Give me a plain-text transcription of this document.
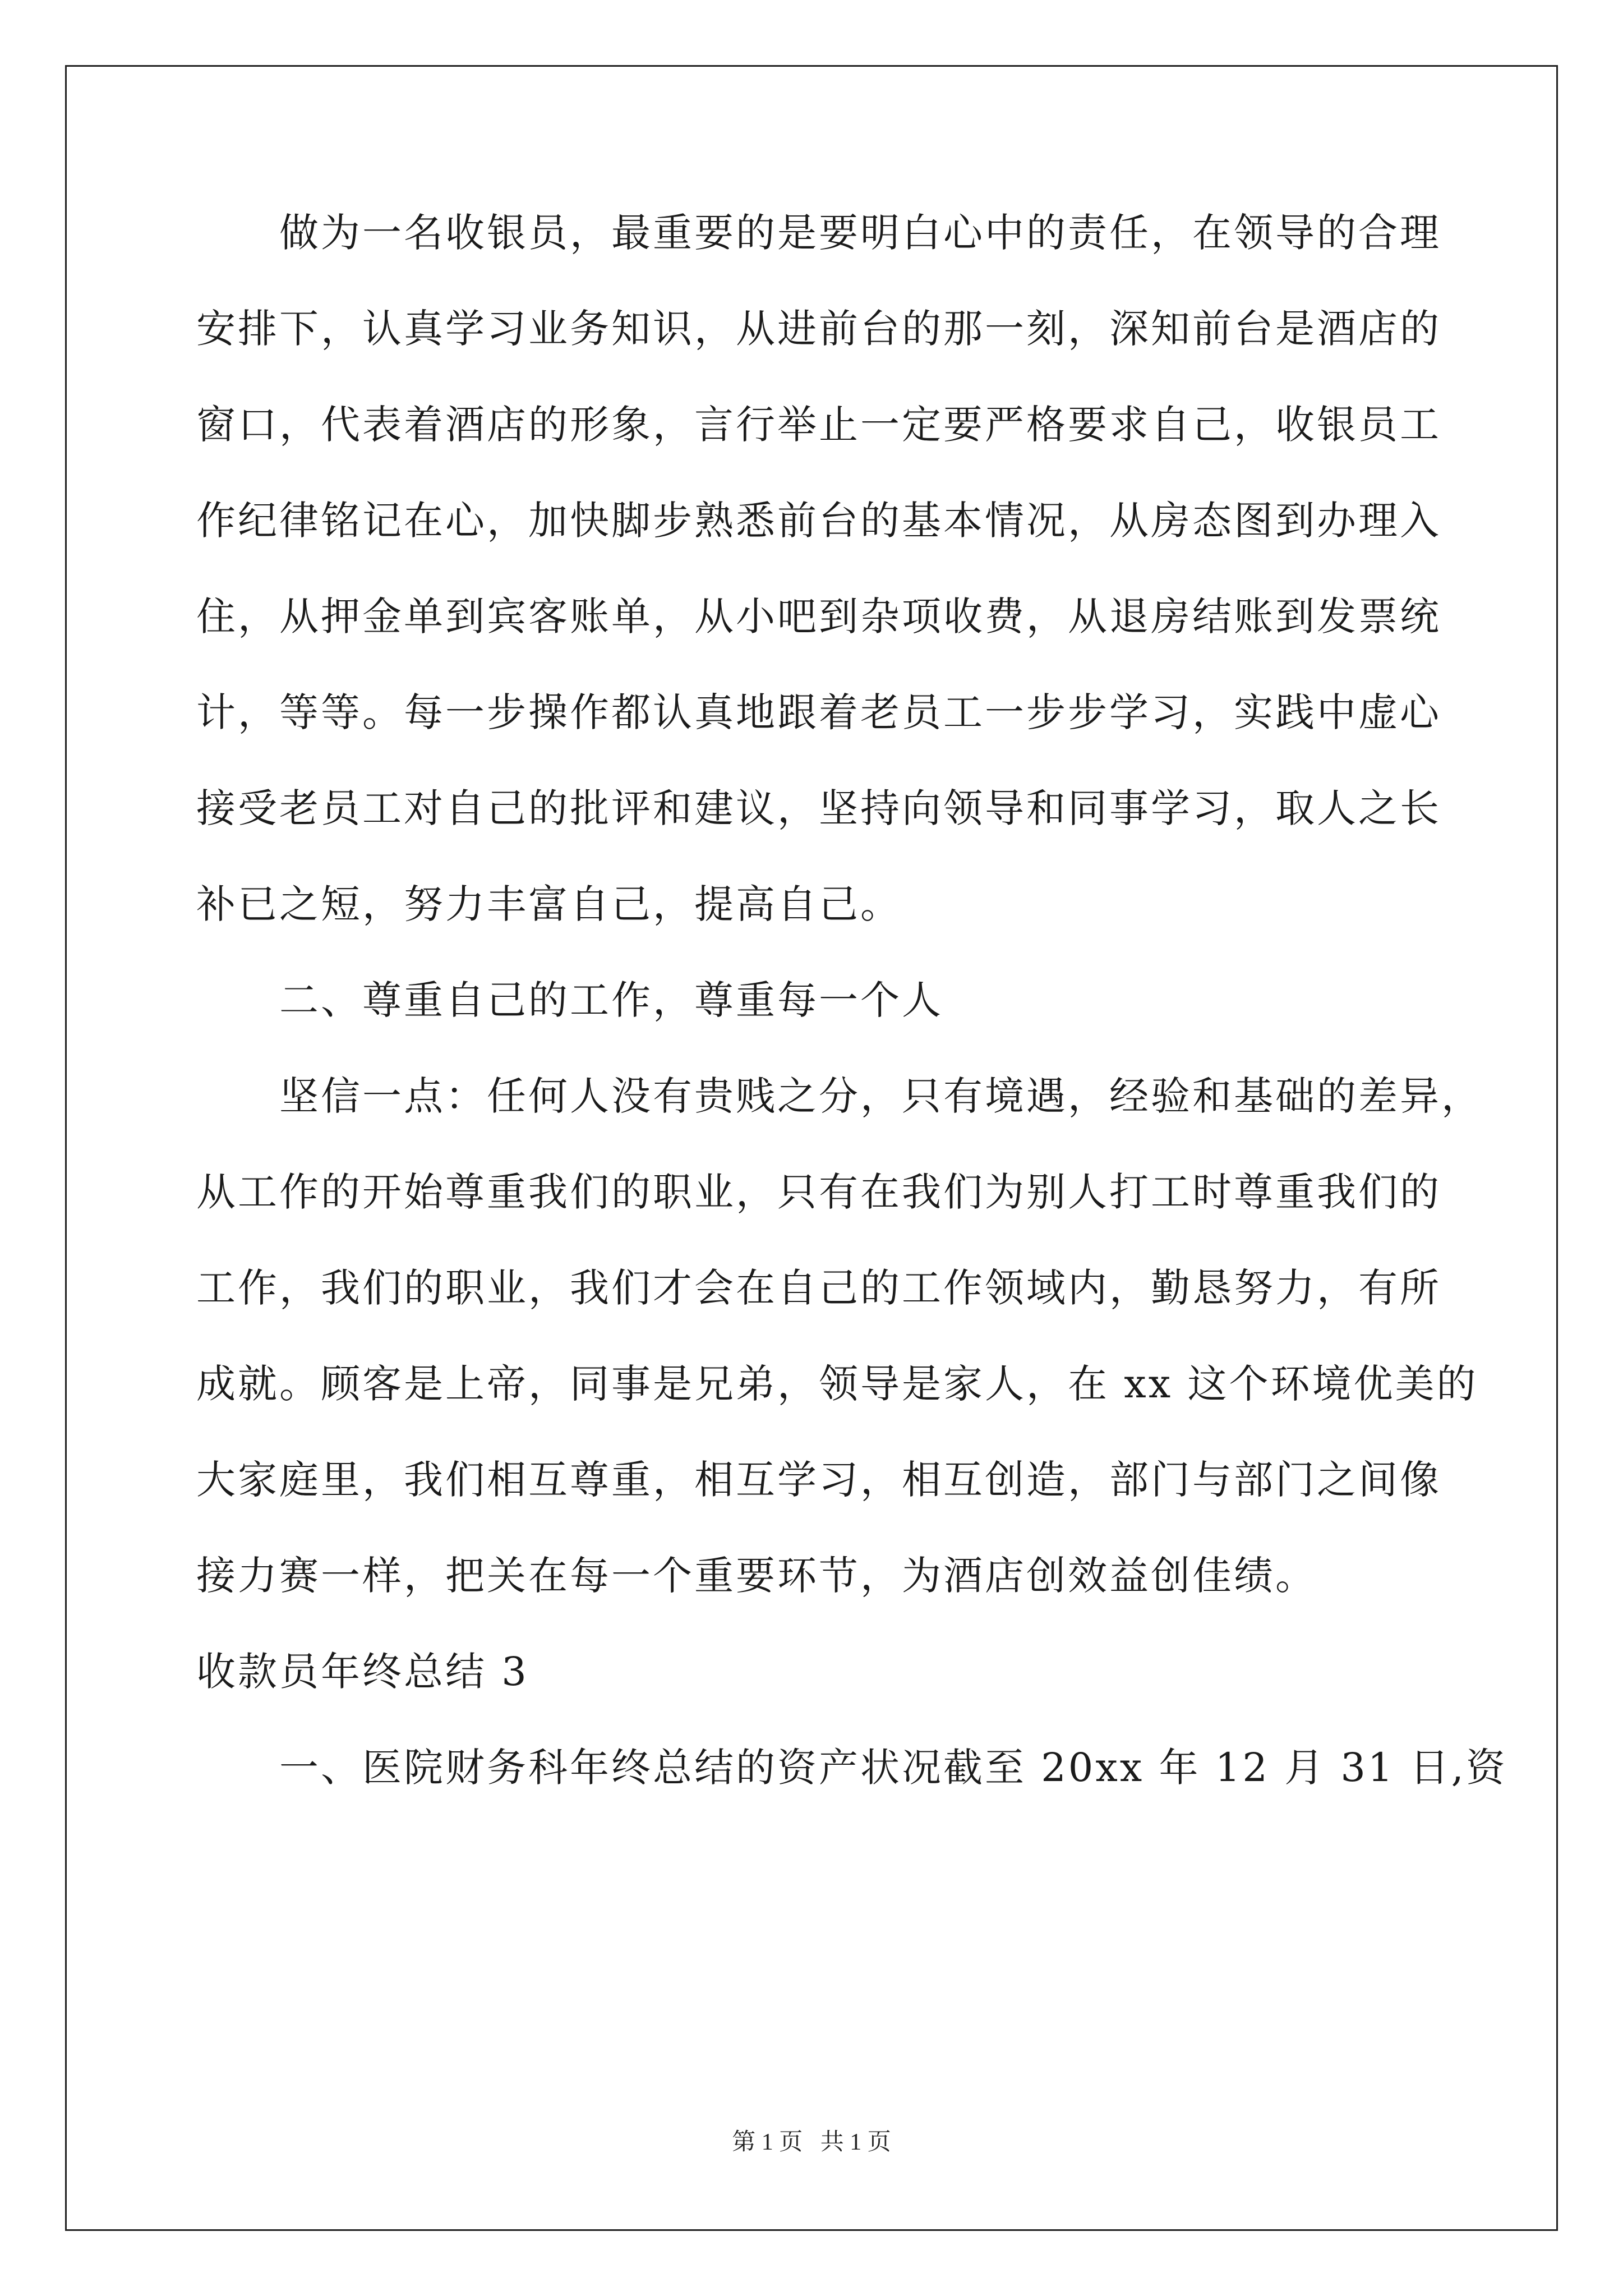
　　做为一名收银员，最重要的是要明白心中的责任，在领导的合理
安排下，认真学习业务知识，从进前台的那一刻，深知前台是酒店的
窗口，代表着酒店的形象，言行举止一定要严格要求自己，收银员工
作纪律铭记在心，加快脚步熟悉前台的基本情况，从房态图到办理入
住，从押金单到宾客账单，从小吧到杂项收费，从退房结账到发票统
计，等等。每一步操作都认真地跟着老员工一步步学习，实践中虚心
接受老员工对自己的批评和建议，坚持向领导和同事学习，取人之长
补已之短，努力丰富自己，提高自己。
　　二、尊重自己的工作，尊重每一个人
　　坚信一点：任何人没有贵贱之分，只有境遇，经验和基础的差异，
从工作的开始尊重我们的职业，只有在我们为别人打工时尊重我们的
工作，我们的职业，我们才会在自己的工作领域内，勤恳努力，有所
成就。顾客是上帝，同事是兄弟，领导是家人，在 xx 这个环境优美的
大家庭里，我们相互尊重，相互学习，相互创造，部门与部门之间像
接力赛一样，把关在每一个重要环节，为酒店创效益创佳绩。
收款员年终总结 3
　　一、医院财务科年终总结的资产状况截至 20xx 年 12 月 31 日,资
第 1 页   共 1 页
